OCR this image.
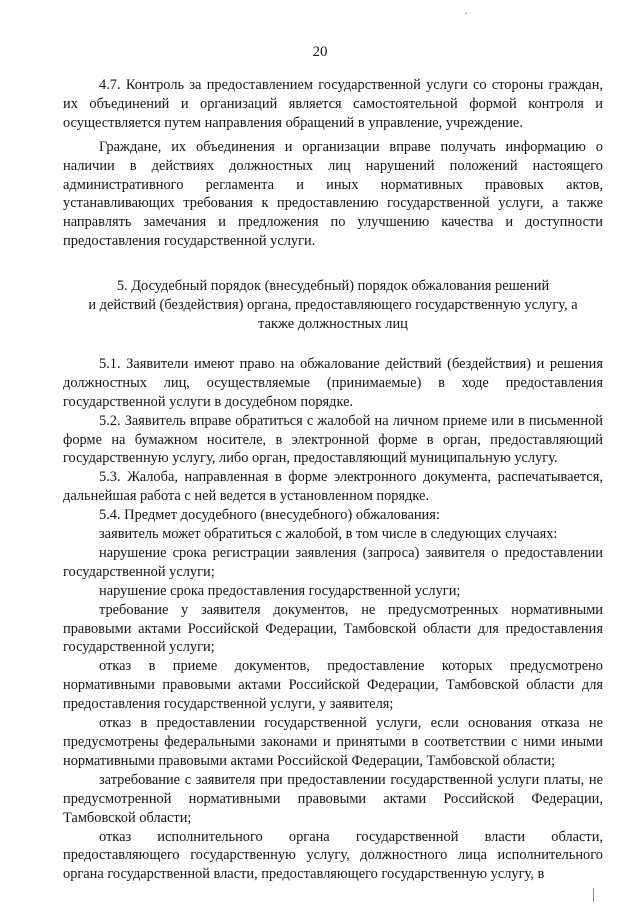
·
20

4.7. Контроль за предоставлением государственной услуги со стороны граждан, их объединений и организаций является самостоятельной формой контроля и осуществляется путем направления обращений в управление, учреждение.

Граждане, их объединения и организации вправе получать информацию о наличии в действиях должностных лиц нарушений положений настоящего административного регламента и иных нормативных правовых актов, устанавливающих требования к предоставлению государственной услуги, а также направлять замечания и предложения по улучшению качества и доступности предоставления государственной услуги.

5. Досудебный порядок (внесудебный) порядок обжалования решений
и действий (бездействия) органа, предоставляющего государственную услугу, а
также должностных лиц

5.1. Заявители имеют право на обжалование действий (бездействия) и решения должностных лиц, осуществляемые (принимаемые) в ходе предоставления государственной услуги в досудебном порядке.

5.2. Заявитель вправе обратиться с жалобой на личном приеме или в письменной форме на бумажном носителе, в электронной форме в орган, предоставляющий государственную услугу, либо орган, предоставляющий муниципальную услугу.

5.3. Жалоба, направленная в форме электронного документа, распечатывается, дальнейшая работа с ней ведется в установленном порядке.

5.4. Предмет досудебного (внесудебного) обжалования:

заявитель может обратиться с жалобой, в том числе в следующих случаях:

нарушение срока регистрации заявления (запроса) заявителя о предоставлении государственной услуги;

нарушение срока предоставления государственной услуги;

требование у заявителя документов, не предусмотренных нормативными правовыми актами Российской Федерации, Тамбовской области для предоставления государственной услуги;

отказ в приеме документов, предоставление которых предусмотрено нормативными правовыми актами Российской Федерации, Тамбовской области для предоставления государственной услуги, у заявителя;

отказ в предоставлении государственной услуги, если основания отказа не предусмотрены федеральными законами и принятыми в соответствии с ними иными нормативными правовыми актами Российской Федерации, Тамбовской области;

затребование с заявителя при предоставлении государственной услуги платы, не предусмотренной нормативными правовыми актами Российской Федерации, Тамбовской области;

отказ исполнительного органа государственной власти области, предоставляющего государственную услугу, должностного лица исполнительного органа государственной власти, предоставляющего государственную услугу, в
